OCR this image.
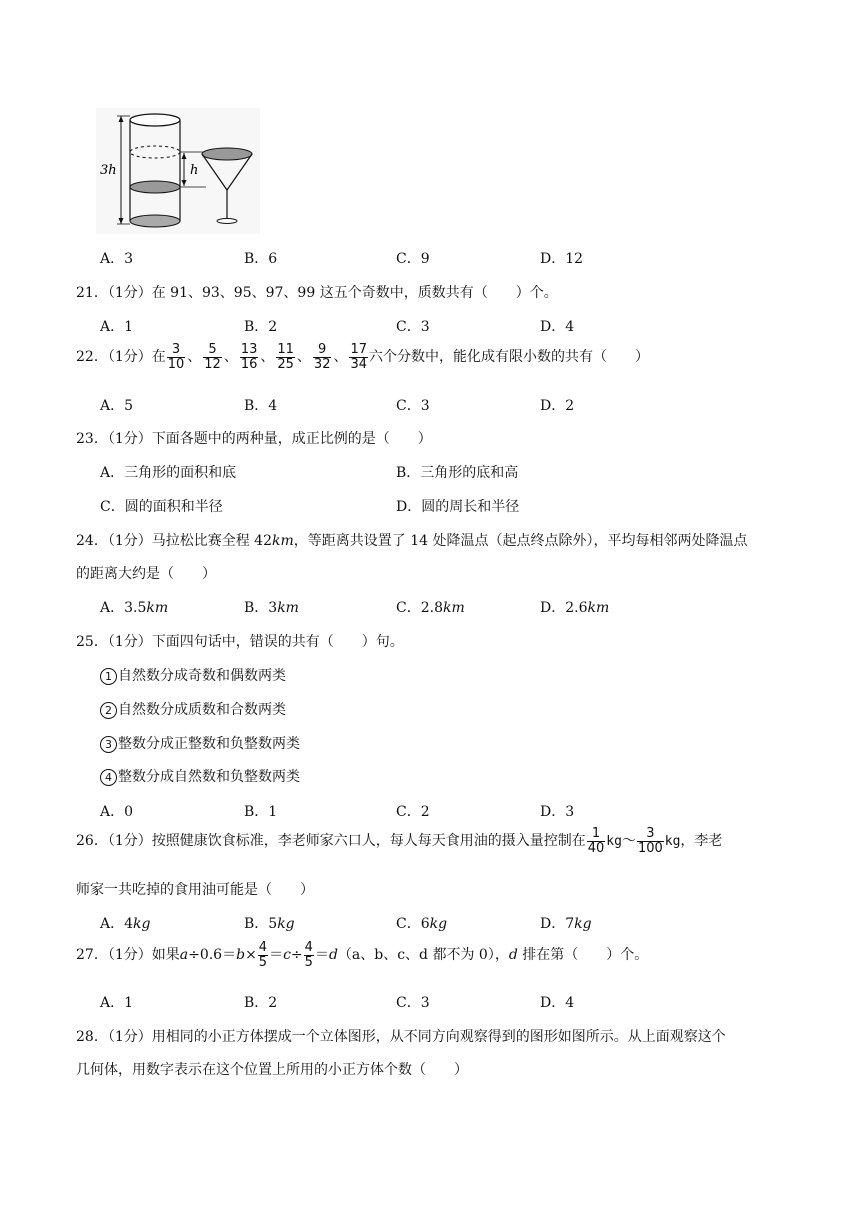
3h	h
A．3	B．6	C．9	D．12
21．（1分）在 91、93、95、97、99 这五个奇数中，质数共有（　　）个。
A．1	B．2	C．3	D．4
22．（1分）在 $\frac{3}{10}$ 、 $\frac{5}{12}$ 、 $\frac{13}{16}$ 、 $\frac{11}{25}$ 、 $\frac{9}{32}$ 、 $\frac{17}{34}$ 六个分数中，能化成有限小数的共有（　　）
A．5	B．4	C．3	D．2
23．（1分）下面各题中的两种量，成正比例的是（　　）
A．三角形的面积和底	B．三角形的底和高
C．圆的面积和半径	D．圆的周长和半径
24．（1分）马拉松比赛全程 42km，等距离共设置了 14 处降温点（起点终点除外），平均每相邻两处降温点
的距离大约是（　　）
A．3.5km	B．3km	C．2.8km	D．2.6km
25．（1分）下面四句话中，错误的共有（　　）句。
1 自然数分成奇数和偶数两类
2 自然数分成质数和合数两类
3 整数分成正整数和负整数两类
4 整数分成自然数和负整数两类
A．0	B．1	C．2	D．3
26．（1分）按照健康饮食标准，李老师家六口人，每人每天食用油的摄入量控制在 $\frac{1}{40}$ kg～ $\frac{3}{100}$ kg，李老
师家一共吃掉的食用油可能是（　　）
A．4kg	B．5kg	C．6kg	D．7kg
27．（1分）如果$a\div 0.6=b\times \frac{4}{5} =c\div \frac{4}{5} =d(a$、b、c、d 都不为 0），d 排在第（　　）个。
A．1	B．2	C．3	D．4
28．（1分）用相同的小正方体摆成一个立体图形，从不同方向观察得到的图形如图所示。从上面观察这个
几何体，用数字表示在这个位置上所用的小正方体个数（　　）
